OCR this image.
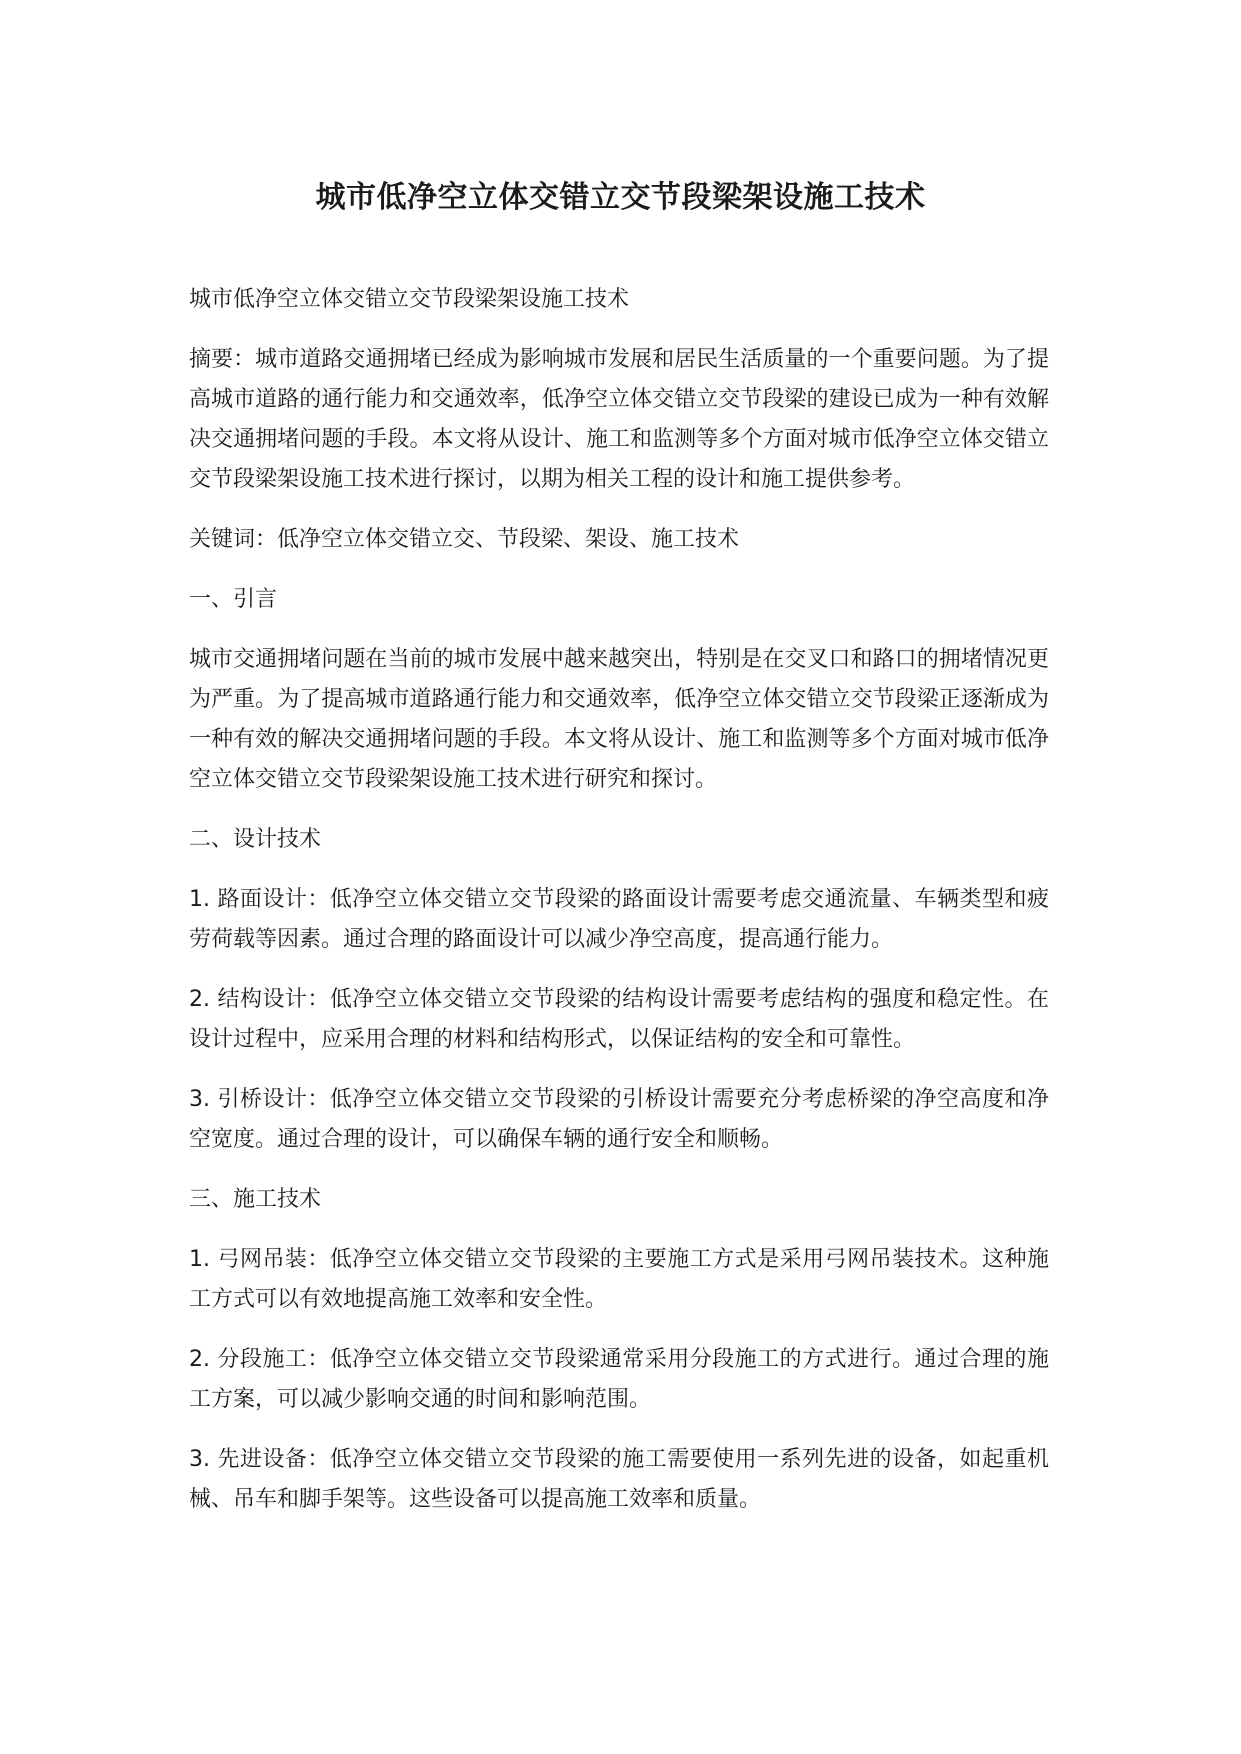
城市低净空立体交错立交节段梁架设施工技术

城市低净空立体交错立交节段梁架设施工技术

摘要：城市道路交通拥堵已经成为影响城市发展和居民生活质量的一个重要问题。为了提高城市道路的通行能力和交通效率，低净空立体交错立交节段梁的建设已成为一种有效解决交通拥堵问题的手段。本文将从设计、施工和监测等多个方面对城市低净空立体交错立交节段梁架设施工技术进行探讨，以期为相关工程的设计和施工提供参考。

关键词：低净空立体交错立交、节段梁、架设、施工技术

一、引言

城市交通拥堵问题在当前的城市发展中越来越突出，特别是在交叉口和路口的拥堵情况更为严重。为了提高城市道路通行能力和交通效率，低净空立体交错立交节段梁正逐渐成为一种有效的解决交通拥堵问题的手段。本文将从设计、施工和监测等多个方面对城市低净空立体交错立交节段梁架设施工技术进行研究和探讨。

二、设计技术

1. 路面设计：低净空立体交错立交节段梁的路面设计需要考虑交通流量、车辆类型和疲劳荷载等因素。通过合理的路面设计可以减少净空高度，提高通行能力。

2. 结构设计：低净空立体交错立交节段梁的结构设计需要考虑结构的强度和稳定性。在设计过程中，应采用合理的材料和结构形式，以保证结构的安全和可靠性。

3. 引桥设计：低净空立体交错立交节段梁的引桥设计需要充分考虑桥梁的净空高度和净空宽度。通过合理的设计，可以确保车辆的通行安全和顺畅。

三、施工技术

1. 弓网吊装：低净空立体交错立交节段梁的主要施工方式是采用弓网吊装技术。这种施工方式可以有效地提高施工效率和安全性。

2. 分段施工：低净空立体交错立交节段梁通常采用分段施工的方式进行。通过合理的施工方案，可以减少影响交通的时间和影响范围。

3. 先进设备：低净空立体交错立交节段梁的施工需要使用一系列先进的设备，如起重机械、吊车和脚手架等。这些设备可以提高施工效率和质量。
